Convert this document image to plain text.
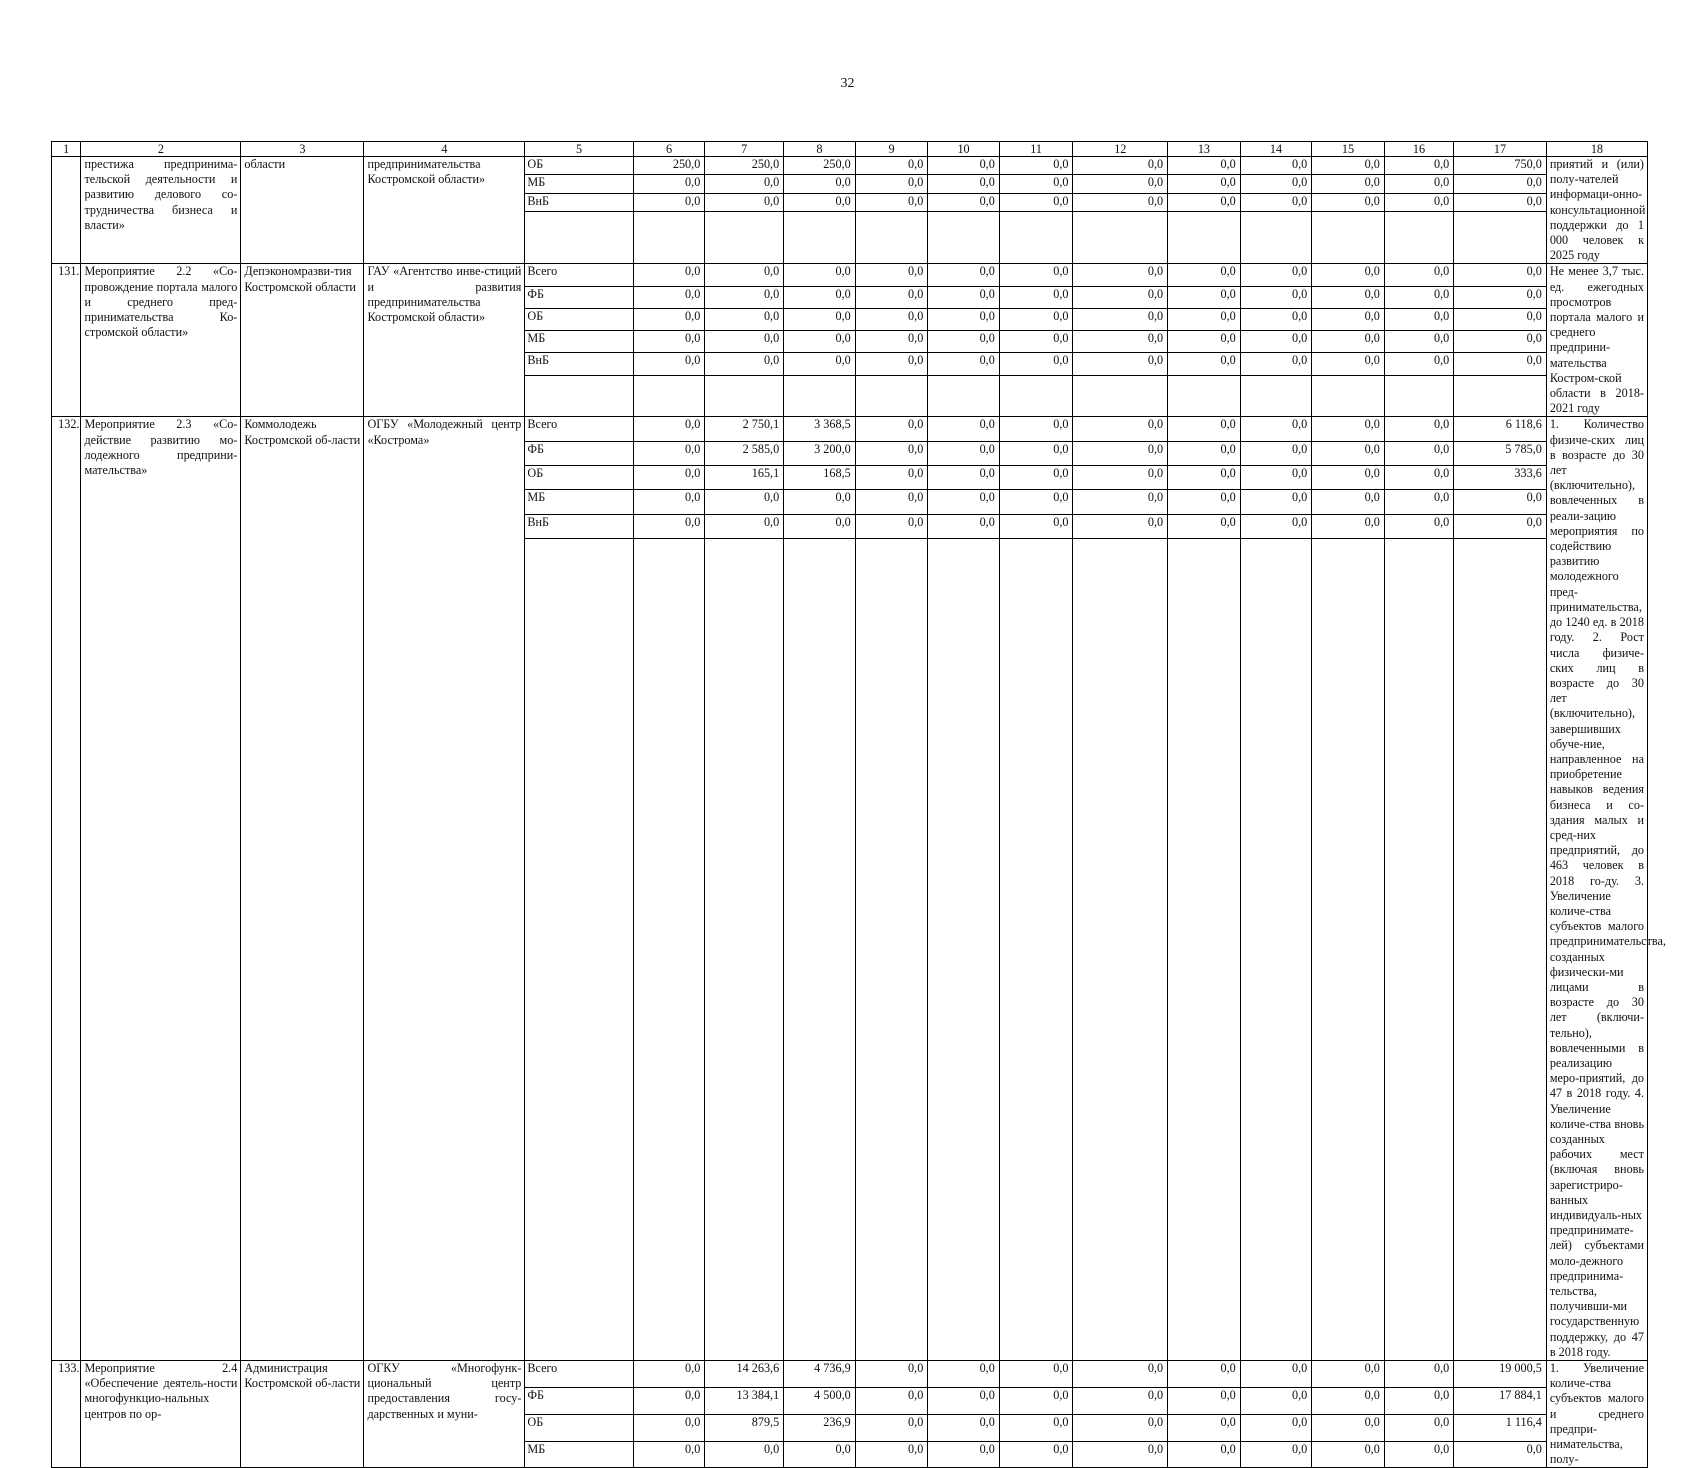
32
1	2	3	4	5	6	7	8	9	10	11	12	13	14	15	16	17	18
	престижа предпринима-тельской деятельности и развитию делового со-трудничества бизнеса и власти»	области	предпринимательства Костромской области»	ОБ	250,0	250,0	250,0	0,0	0,0	0,0	0,0	0,0	0,0	0,0	0,0	750,0	приятий и (или) полу-чателей информаци-онно-консультационной поддержки до 1 000 человек к 2025 году
				МБ	0,0	0,0	0,0	0,0	0,0	0,0	0,0	0,0	0,0	0,0	0,0	0,0	
				ВнБ	0,0	0,0	0,0	0,0	0,0	0,0	0,0	0,0	0,0	0,0	0,0	0,0	

131.	Мероприятие 2.2 «Со-провождение портала малого и среднего пред-принимательства Ко-стромской области»	Депэкономразви-тия Костромской области	ГАУ «Агентство инве-стиций и развития предпринимательства Костромской области»	Всего	0,0	0,0	0,0	0,0	0,0	0,0	0,0	0,0	0,0	0,0	0,0	0,0	Не менее 3,7 тыс. ед. ежегодных просмотров портала малого и среднего предприни-мательства Костром-ской области в 2018-2021 году
				ФБ	0,0	0,0	0,0	0,0	0,0	0,0	0,0	0,0	0,0	0,0	0,0	0,0	
				ОБ	0,0	0,0	0,0	0,0	0,0	0,0	0,0	0,0	0,0	0,0	0,0	0,0	
				МБ	0,0	0,0	0,0	0,0	0,0	0,0	0,0	0,0	0,0	0,0	0,0	0,0	
				ВнБ	0,0	0,0	0,0	0,0	0,0	0,0	0,0	0,0	0,0	0,0	0,0	0,0	

132.	Мероприятие 2.3 «Со-действие развитию мо-лодежного предприни-мательства»	Коммолодежь Костромской об-ласти	ОГБУ «Молодежный центр «Кострома»	Всего	0,0	2 750,1	3 368,5	0,0	0,0	0,0	0,0	0,0	0,0	0,0	0,0	6 118,6	1. Количество физиче-ских лиц в возрасте до 30 лет (включительно), вовлеченных в реали-зацию мероприятия по содействию развитию молодежного пред-принимательства, до 1240 ед. в 2018 году. 2. Рост числа физиче-ских лиц в возрасте до 30 лет (включительно), завершивших обуче-ние, направленное на приобретение навыков ведения бизнеса и со-здания малых и сред-них предприятий, до 463 человек в 2018 го-ду. 3. Увеличение количе-ства субъектов малого предпринимательства, созданных физически-ми лицами в возрасте до 30 лет (включи-тельно), вовлеченными в реализацию меро-приятий, до 47 в 2018 году. 4. Увеличение количе-ства вновь созданных рабочих мест (включая вновь зарегистриро-ванных индивидуаль-ных предпринимате-лей) субъектами моло-дежного предпринима-тельства, получивши-ми государственную поддержку, до 47 в 2018 году.
				ФБ	0,0	2 585,0	3 200,0	0,0	0,0	0,0	0,0	0,0	0,0	0,0	0,0	5 785,0	
				ОБ	0,0	165,1	168,5	0,0	0,0	0,0	0,0	0,0	0,0	0,0	0,0	333,6	
				МБ	0,0	0,0	0,0	0,0	0,0	0,0	0,0	0,0	0,0	0,0	0,0	0,0	
				ВнБ	0,0	0,0	0,0	0,0	0,0	0,0	0,0	0,0	0,0	0,0	0,0	0,0	

133.	Мероприятие 2.4 «Обеспечение деятель-ности многофункцио-нальных центров по ор-	Администрация Костромской об-ласти	ОГКУ «Многофунк-циональный центр предоставления госу-дарственных и муни-	Всего	0,0	14 263,6	4 736,9	0,0	0,0	0,0	0,0	0,0	0,0	0,0	0,0	19 000,5	1. Увеличение количе-ства субъектов малого и среднего предпри-нимательства, полу-
				ФБ	0,0	13 384,1	4 500,0	0,0	0,0	0,0	0,0	0,0	0,0	0,0	0,0	17 884,1	
				ОБ	0,0	879,5	236,9	0,0	0,0	0,0	0,0	0,0	0,0	0,0	0,0	1 116,4	
				МБ	0,0	0,0	0,0	0,0	0,0	0,0	0,0	0,0	0,0	0,0	0,0	0,0	
